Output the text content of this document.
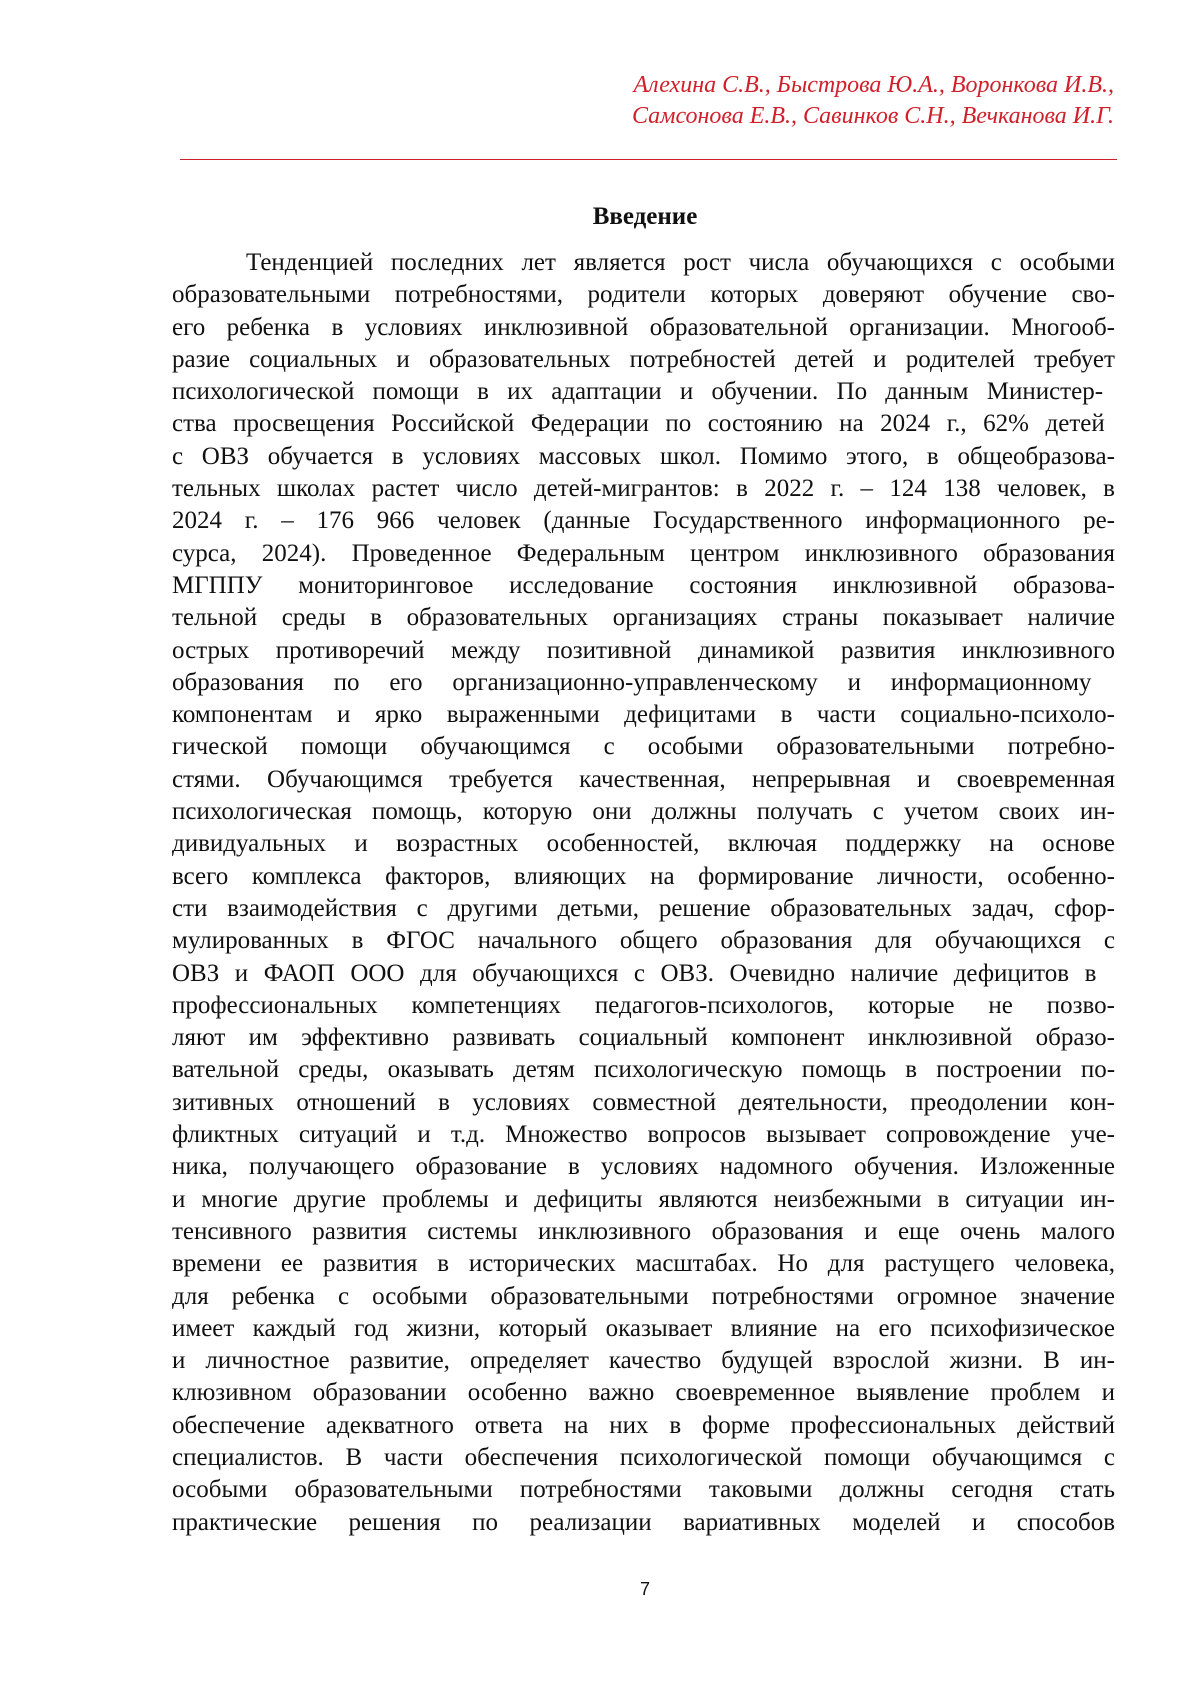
Алехина С.В., Быстрова Ю.А., Воронкова И.В.,
Самсонова Е.В., Савинков С.Н., Вечканова И.Г.
Введение
Тенденцией последних лет является рост числа обучающихся с особыми
образовательными потребностями, родители которых доверяют обучение сво-
его ребенка в условиях инклюзивной образовательной организации. Многооб-
разие социальных и образовательных потребностей детей и родителей требует
психологической помощи в их адаптации и обучении. По данным Министер-
ства просвещения Российской Федерации по состоянию на 2024 г., 62% детей
с ОВЗ обучается в условиях массовых школ. Помимо этого, в общеобразова-
тельных школах растет число детей-мигрантов: в 2022 г. – 124 138 человек, в
2024 г. – 176 966 человек (данные Государственного информационного ре-
сурса, 2024). Проведенное Федеральным центром инклюзивного образования
МГППУ мониторинговое исследование состояния инклюзивной образова-
тельной среды в образовательных организациях страны показывает наличие
острых противоречий между позитивной динамикой развития инклюзивного
образования по его организационно-управленческому и информационному
компонентам и ярко выраженными дефицитами в части социально-психоло-
гической помощи обучающимся с особыми образовательными потребно-
стями. Обучающимся требуется качественная, непрерывная и своевременная
психологическая помощь, которую они должны получать с учетом своих ин-
дивидуальных и возрастных особенностей, включая поддержку на основе
всего комплекса факторов, влияющих на формирование личности, особенно-
сти взаимодействия с другими детьми, решение образовательных задач, сфор-
мулированных в ФГОС начального общего образования для обучающихся с
ОВЗ и ФАОП ООО для обучающихся с ОВЗ. Очевидно наличие дефицитов в
профессиональных компетенциях педагогов-психологов, которые не позво-
ляют им эффективно развивать социальный компонент инклюзивной образо-
вательной среды, оказывать детям психологическую помощь в построении по-
зитивных отношений в условиях совместной деятельности, преодолении кон-
фликтных ситуаций и т.д. Множество вопросов вызывает сопровождение уче-
ника, получающего образование в условиях надомного обучения. Изложенные
и многие другие проблемы и дефициты являются неизбежными в ситуации ин-
тенсивного развития системы инклюзивного образования и еще очень малого
времени ее развития в исторических масштабах. Но для растущего человека,
для ребенка с особыми образовательными потребностями огромное значение
имеет каждый год жизни, который оказывает влияние на его психофизическое
и личностное развитие, определяет качество будущей взрослой жизни. В ин-
клюзивном образовании особенно важно своевременное выявление проблем и
обеспечение адекватного ответа на них в форме профессиональных действий
специалистов. В части обеспечения психологической помощи обучающимся с
особыми образовательными потребностями таковыми должны сегодня стать
практические решения по реализации вариативных моделей и способов
7
